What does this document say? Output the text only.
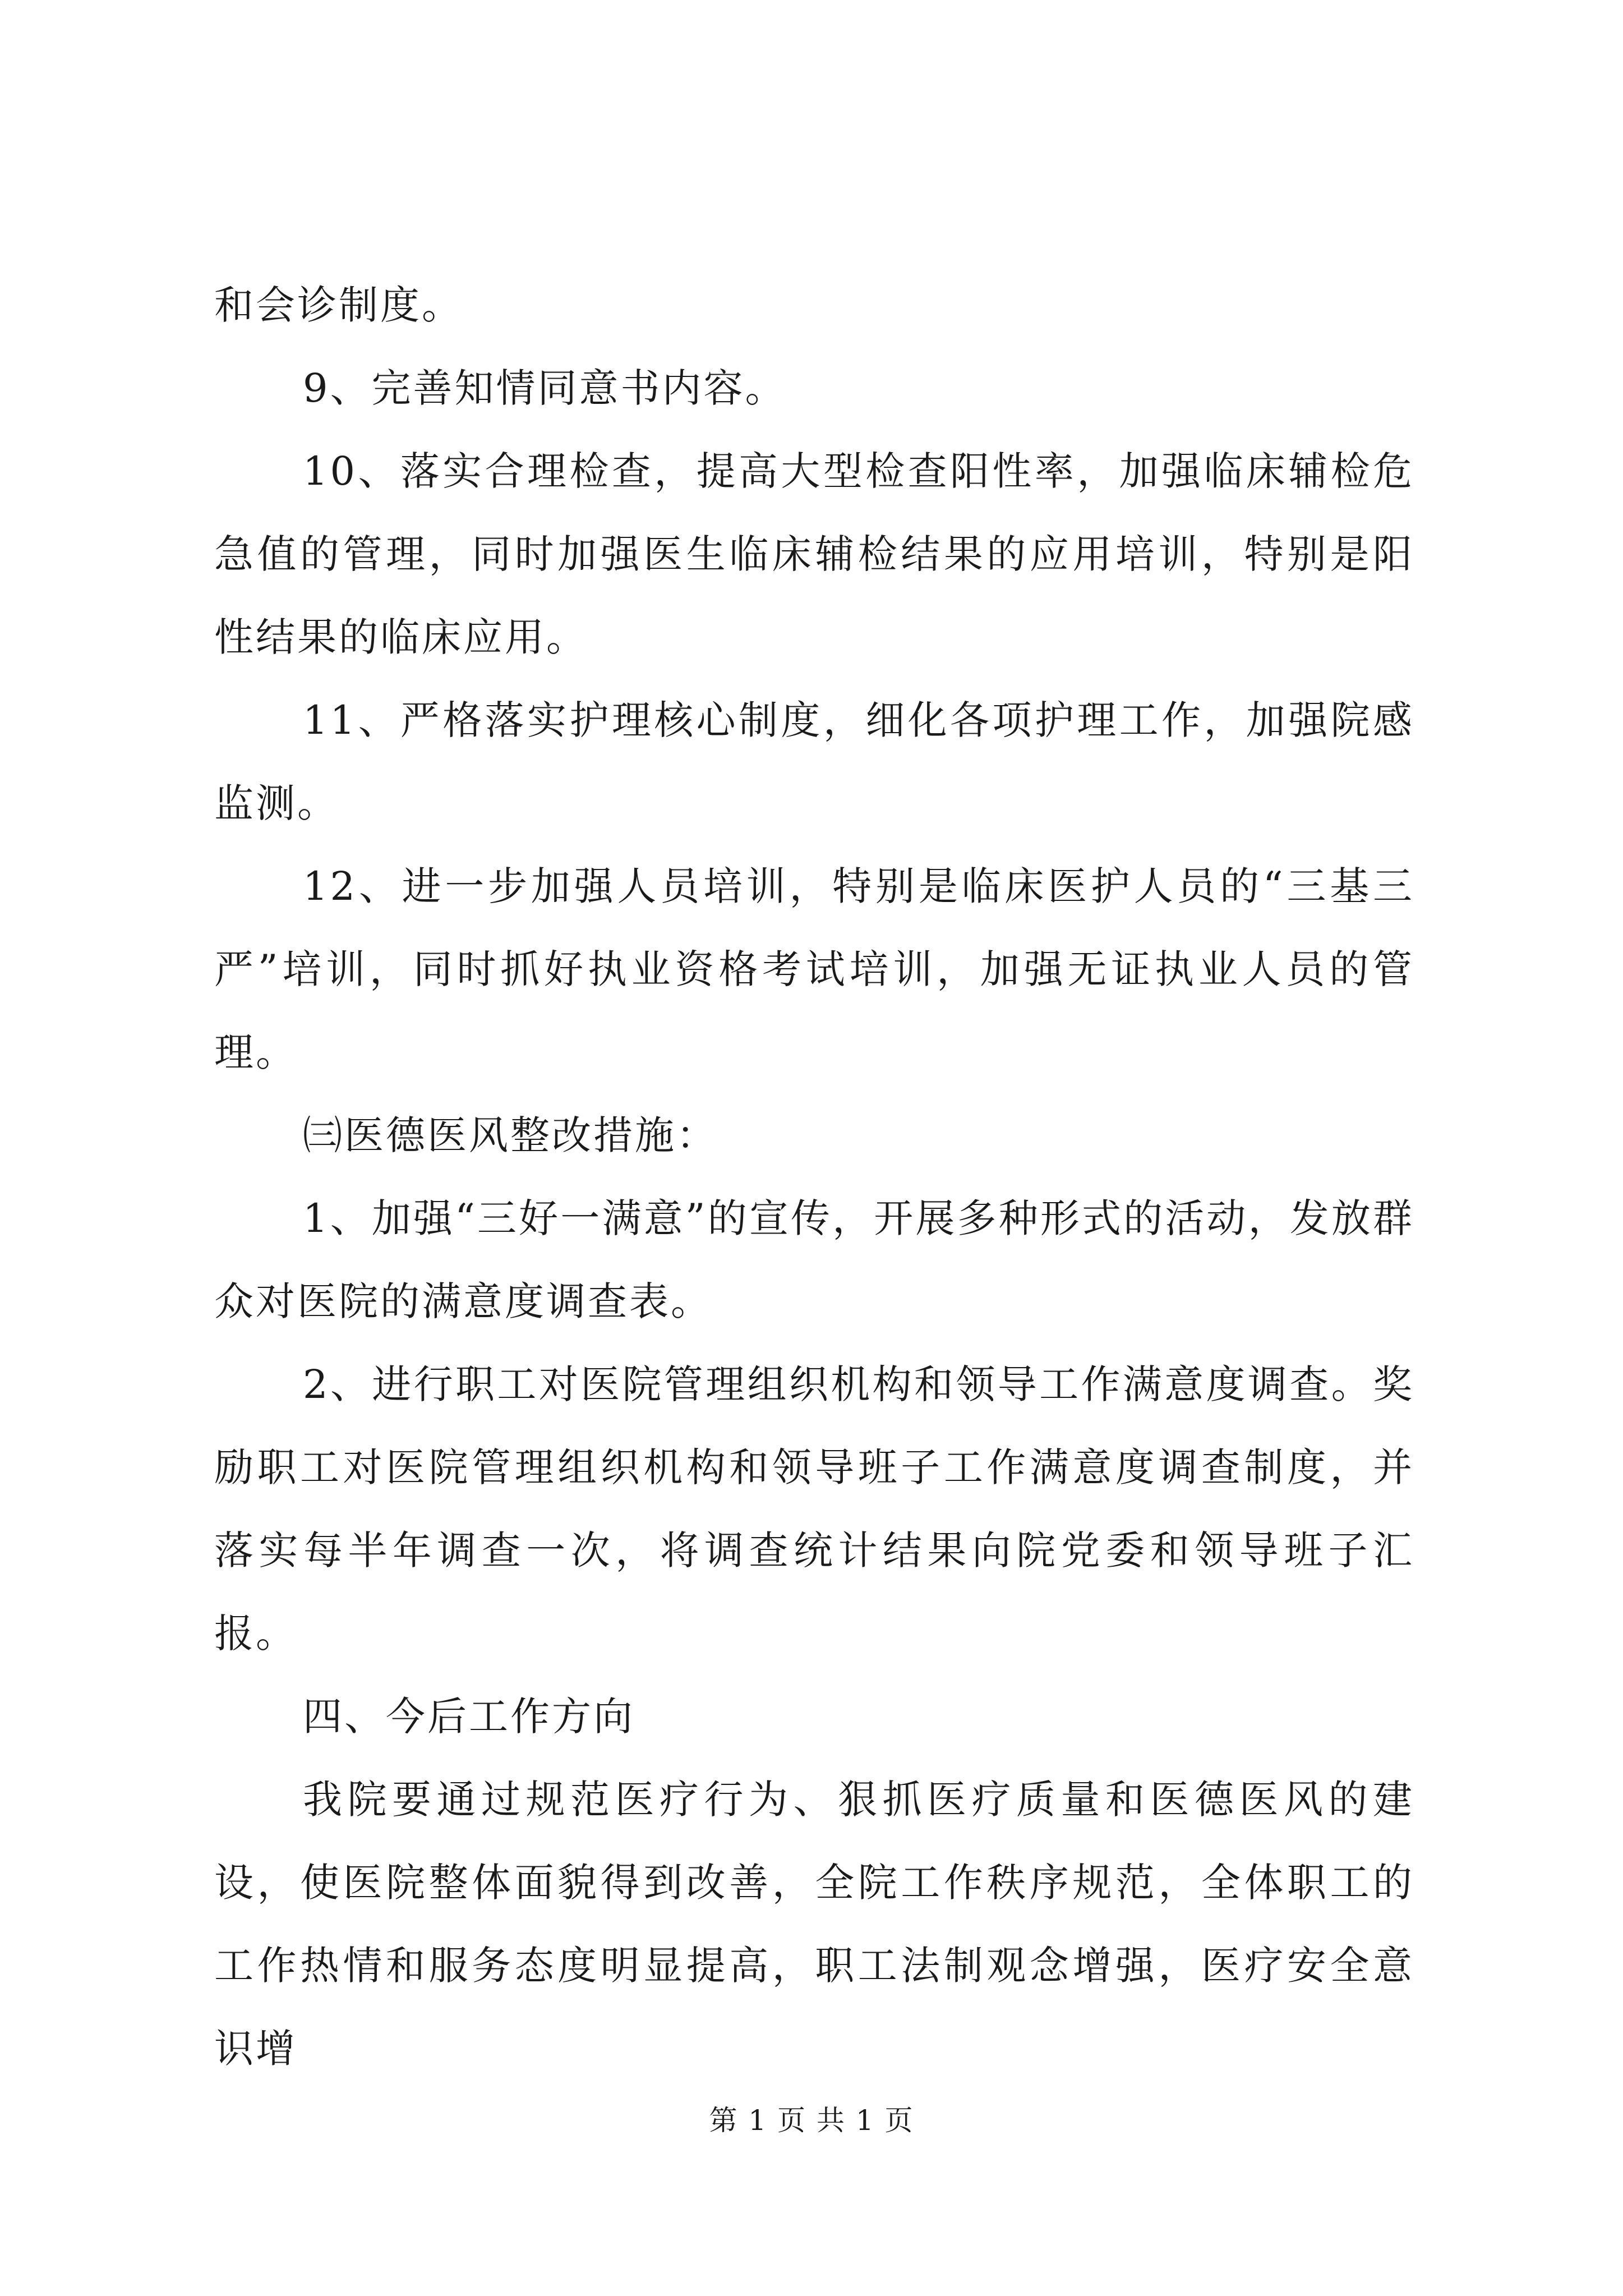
和会诊制度。

9、完善知情同意书内容。

10、落实合理检查，提高大型检查阳性率，加强临床辅检危急值的管理，同时加强医生临床辅检结果的应用培训，特别是阳性结果的临床应用。

11、严格落实护理核心制度，细化各项护理工作，加强院感监测。

12、进一步加强人员培训，特别是临床医护人员的“三基三严”培训，同时抓好执业资格考试培训，加强无证执业人员的管理。

㈢医德医风整改措施：

1、加强“三好一满意”的宣传，开展多种形式的活动，发放群众对医院的满意度调查表。

2、进行职工对医院管理组织机构和领导工作满意度调查。奖励职工对医院管理组织机构和领导班子工作满意度调查制度，并落实每半年调查一次，将调查统计结果向院党委和领导班子汇报。

四、今后工作方向

我院要通过规范医疗行为、狠抓医疗质量和医德医风的建设，使医院整体面貌得到改善，全院工作秩序规范，全体职工的工作热情和服务态度明显提高，职工法制观念增强，医疗安全意识增

第 1 页 共 1 页
